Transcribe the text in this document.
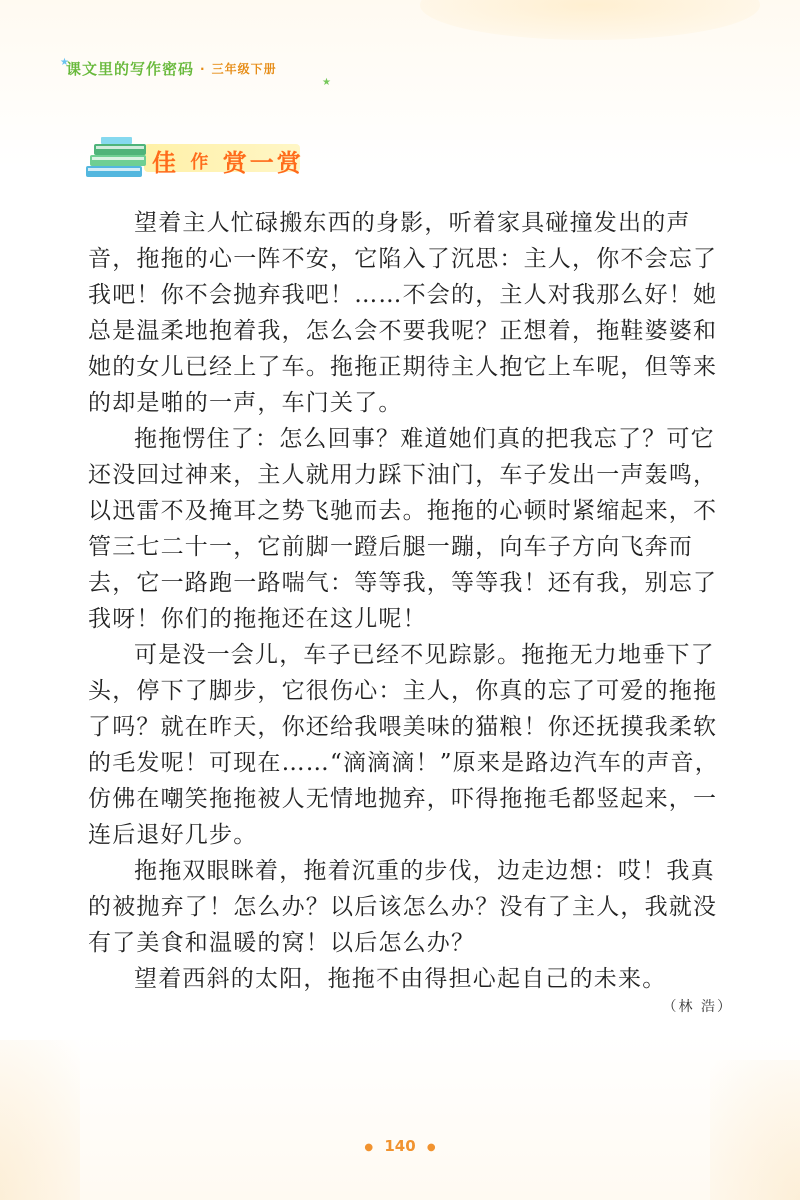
★
★
课文里的写作密码 · 三年级下册
佳 作 赏一赏

望着主人忙碌搬东西的身影，听着家具碰撞发出的声音，拖拖的心一阵不安，它陷入了沉思：主人，你不会忘了我吧！你不会抛弃我吧！……不会的，主人对我那么好！她总是温柔地抱着我，怎么会不要我呢？正想着，拖鞋婆婆和她的女儿已经上了车。拖拖正期待主人抱它上车呢，但等来的却是啪的一声，车门关了。

拖拖愣住了：怎么回事？难道她们真的把我忘了？可它还没回过神来，主人就用力踩下油门，车子发出一声轰鸣，以迅雷不及掩耳之势飞驰而去。拖拖的心顿时紧缩起来，不管三七二十一，它前脚一蹬后腿一蹦，向车子方向飞奔而去，它一路跑一路喘气：等等我，等等我！还有我，别忘了我呀！你们的拖拖还在这儿呢！

可是没一会儿，车子已经不见踪影。拖拖无力地垂下了头，停下了脚步，它很伤心：主人，你真的忘了可爱的拖拖了吗？就在昨天，你还给我喂美味的猫粮！你还抚摸我柔软的毛发呢！可现在……“滴滴滴！”原来是路边汽车的声音，仿佛在嘲笑拖拖被人无情地抛弃，吓得拖拖毛都竖起来，一连后退好几步。

拖拖双眼眯着，拖着沉重的步伐，边走边想：哎！我真的被抛弃了！怎么办？以后该怎么办？没有了主人，我就没有了美食和温暖的窝！以后怎么办？

望着西斜的太阳，拖拖不由得担心起自己的未来。

（林 浩）
● 140 ●
